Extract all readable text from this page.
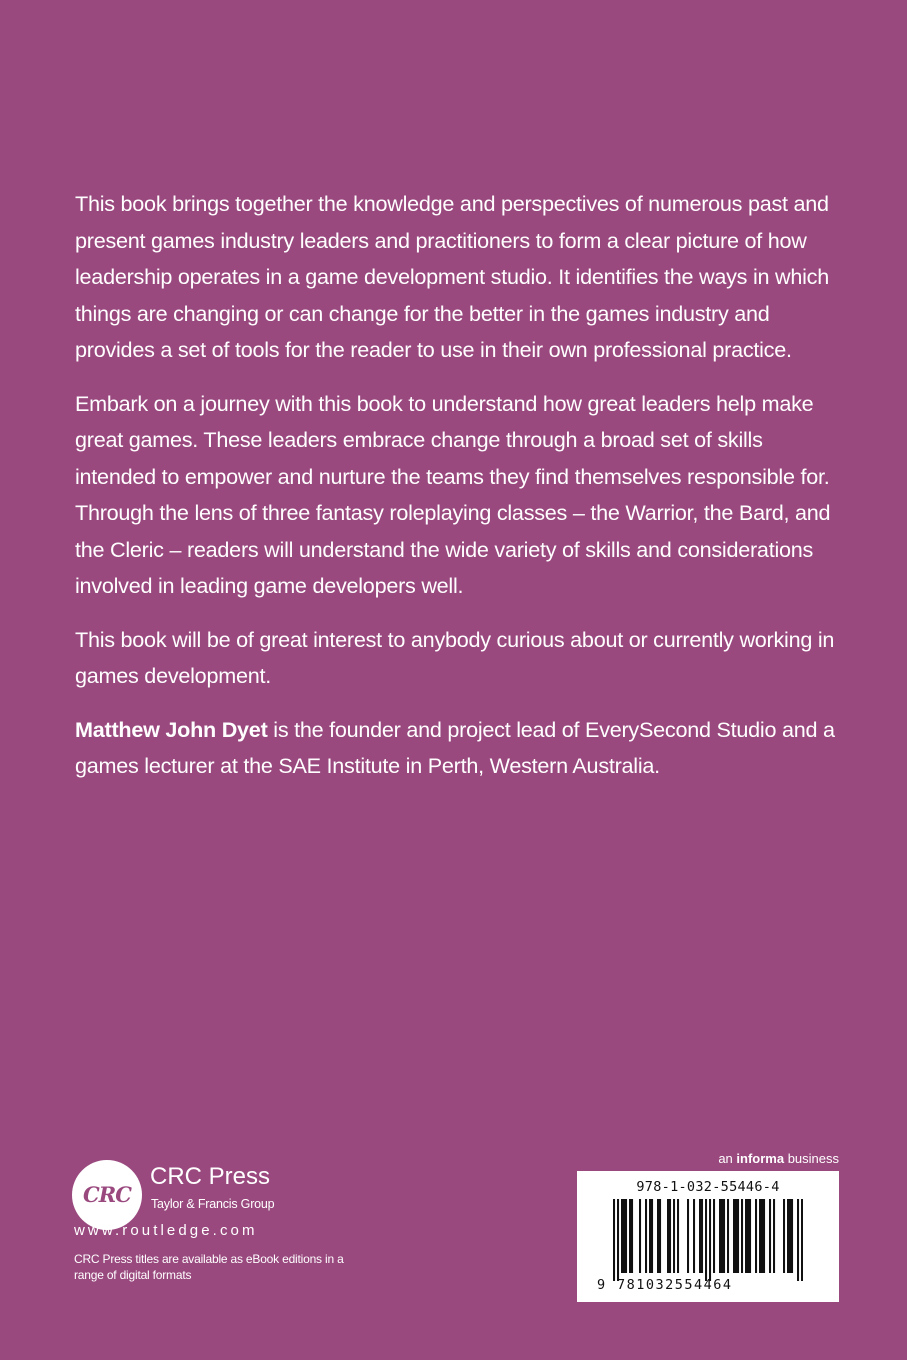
This book brings together the knowledge and perspectives of numerous past and present games industry leaders and practitioners to form a clear picture of how leadership operates in a game development studio. It identifies the ways in which things are changing or can change for the better in the games industry and provides a set of tools for the reader to use in their own professional practice.

Embark on a journey with this book to understand how great leaders help make great games. These leaders embrace change through a broad set of skills intended to empower and nurture the teams they find themselves responsible for. Through the lens of three fantasy roleplaying classes – the Warrior, the Bard, and the Cleric – readers will understand the wide variety of skills and considerations involved in leading game developers well.

This book will be of great interest to anybody curious about or currently working in games development.

Matthew John Dyet is the founder and project lead of EverySecond Studio and a games lecturer at the SAE Institute in Perth, Western Australia.

CRC
CRC Press
Taylor & Francis Group
www.routledge.com
CRC Press titles are available as eBook editions in a range of digital formats
an informa business
978-1-032-55446-4
9 781032554464
